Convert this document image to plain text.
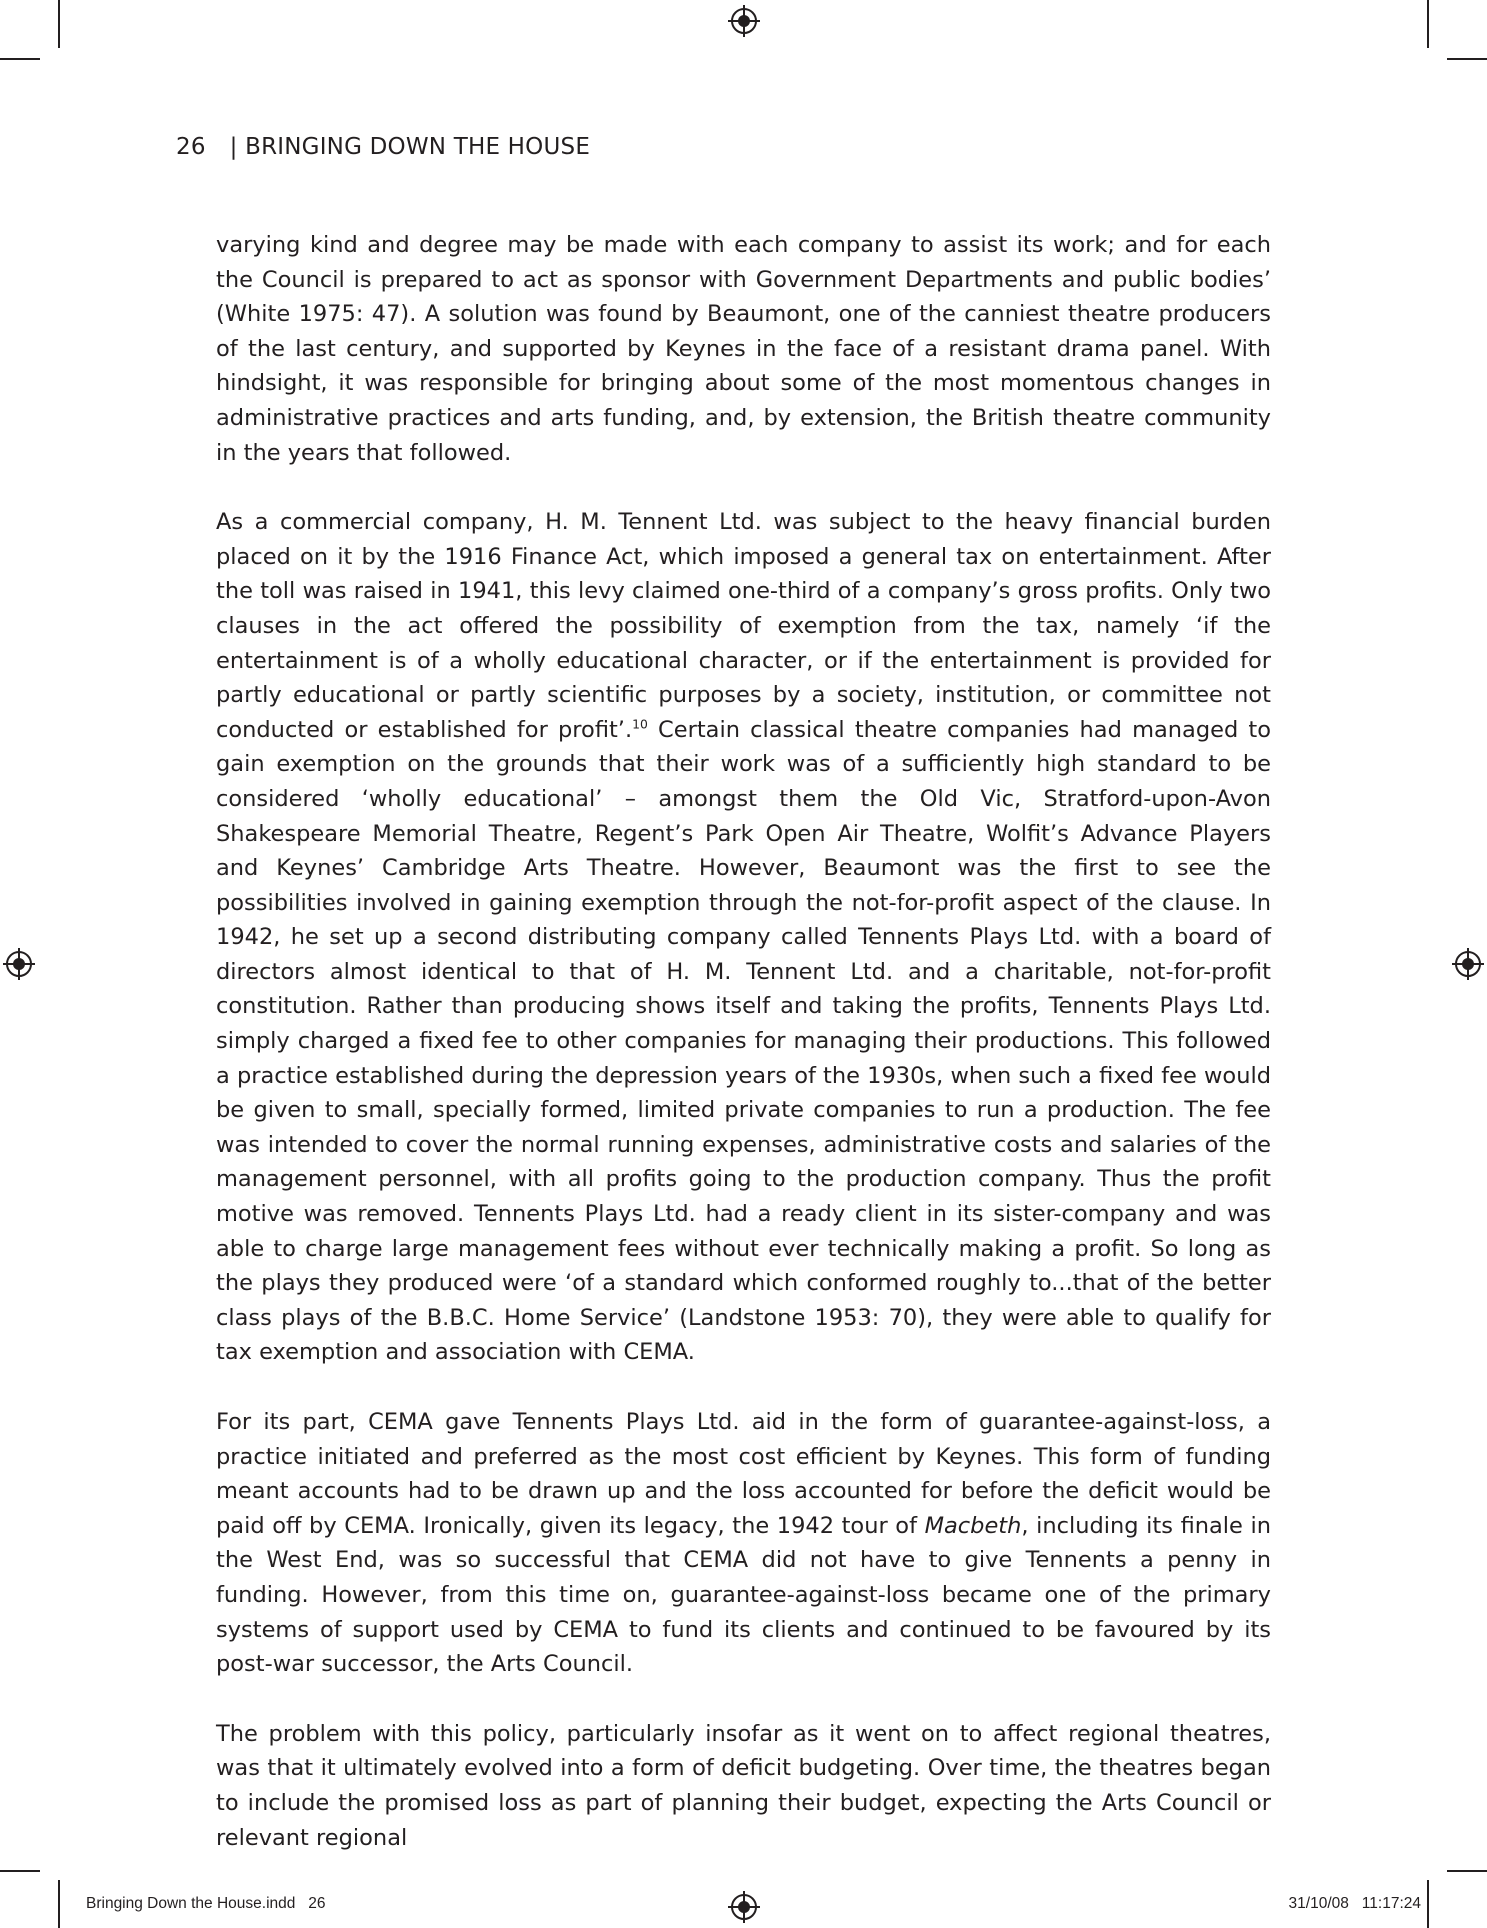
26 | BRINGING DOWN THE HOUSE

varying kind and degree may be made with each company to assist its work; and for each the Council is prepared to act as sponsor with Government Departments and public bodies’ (White 1975: 47). A solution was found by Beaumont, one of the canniest theatre producers of the last century, and supported by Keynes in the face of a resistant drama panel. With hindsight, it was responsible for bringing about some of the most momentous changes in administrative practices and arts funding, and, by extension, the British theatre community in the years that followed.

As a commercial company, H. M. Tennent Ltd. was subject to the heavy financial burden placed on it by the 1916 Finance Act, which imposed a general tax on entertainment. After the toll was raised in 1941, this levy claimed one-third of a company’s gross profits. Only two clauses in the act offered the possibility of exemption from the tax, namely ‘if the entertainment is of a wholly educational character, or if the entertainment is provided for partly educational or partly scientific purposes by a society, institution, or committee not conducted or established for profit’.$^{10}$ Certain classical theatre companies had managed to gain exemption on the grounds that their work was of a sufficiently high standard to be considered ‘wholly educational’ – amongst them the Old Vic, Stratford-upon-Avon Shakespeare Memorial Theatre, Regent’s Park Open Air Theatre, Wolfit’s Advance Players and Keynes’ Cambridge Arts Theatre. However, Beaumont was the first to see the possibilities involved in gaining exemption through the not-for-profit aspect of the clause. In 1942, he set up a second distributing company called Tennents Plays Ltd. with a board of directors almost identical to that of H. M. Tennent Ltd. and a charitable, not-for-profit constitution. Rather than producing shows itself and taking the profits, Tennents Plays Ltd. simply charged a fixed fee to other companies for managing their productions. This followed a practice established during the depression years of the 1930s, when such a fixed fee would be given to small, specially formed, limited private companies to run a production. The fee was intended to cover the normal running expenses, administrative costs and salaries of the management personnel, with all profits going to the production company. Thus the profit motive was removed. Tennents Plays Ltd. had a ready client in its sister-company and was able to charge large management fees without ever technically making a profit. So long as the plays they produced were ‘of a standard which conformed roughly to...that of the better class plays of the B.B.C. Home Service’ (Landstone 1953: 70), they were able to qualify for tax exemption and association with CEMA.

For its part, CEMA gave Tennents Plays Ltd. aid in the form of guarantee-against-loss, a practice initiated and preferred as the most cost efficient by Keynes. This form of funding meant accounts had to be drawn up and the loss accounted for before the deficit would be paid off by CEMA. Ironically, given its legacy, the 1942 tour of Macbeth, including its finale in the West End, was so successful that CEMA did not have to give Tennents a penny in funding. However, from this time on, guarantee-against-loss became one of the primary systems of support used by CEMA to fund its clients and continued to be favoured by its post-war successor, the Arts Council.

The problem with this policy, particularly insofar as it went on to affect regional theatres, was that it ultimately evolved into a form of deficit budgeting. Over time, the theatres began to include the promised loss as part of planning their budget, expecting the Arts Council or relevant regional

Bringing Down the House.indd   26	31/10/08   11:17:24
